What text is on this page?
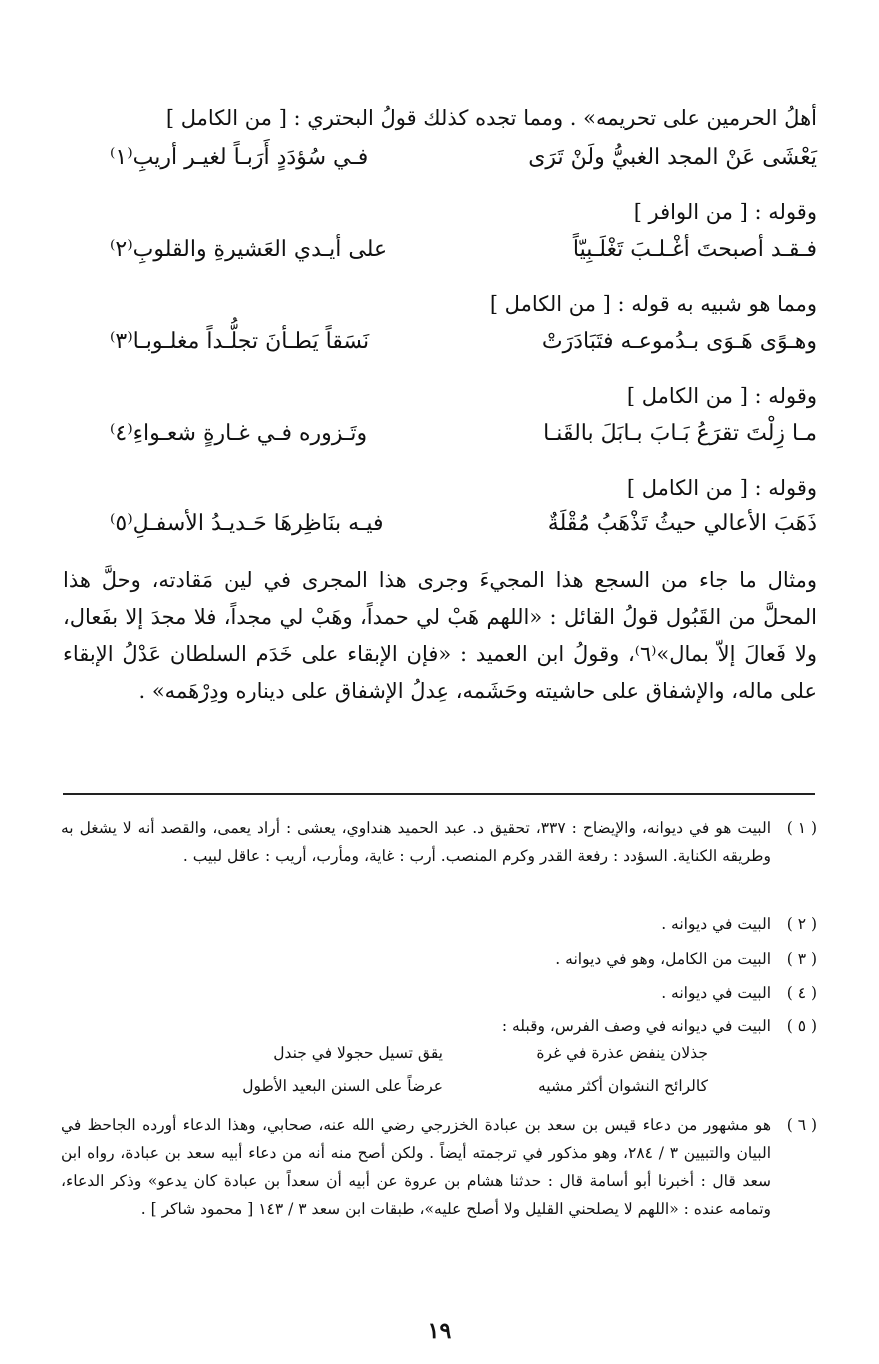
أهلُ الحرمين على تحريمه» . ومما تجده كذلك قولُ البحتري : [ من الكامل ]
يَعْشَى عَنْ المجد الغبيُّ ولَنْ تَرَى
فـي سُؤدَدٍ أَرَبـاً لغيـر أريبِ⁽١⁾
وقوله : [ من الوافر ]
فـقـد أصبحتَ أغْـلـبَ تَغْلَـبِيّاً
على أيـدي العَشيرةِ والقلوبِ⁽٢⁾
ومما هو شبيه به قوله : [ من الكامل ]
وهـوًى هَـوَى بـدُموعـه فتَبَادَرَتْ
نَسَقاً يَطـأنَ تجلُّـداً مغلـوبـا⁽٣⁾
وقوله : [ من الكامل ]
مـا زِلْتَ تقرَعُ بَـابَ بـابَلَ بالقَنـا
وتَـزوره فـي غـارةٍ شعـواءِ⁽٤⁾
وقوله : [ من الكامل ]
ذَهَبَ الأعالي حيثُ تَذْهَبُ مُقْلَةٌ
فيـه بنَاظِرهَا حَـديـدُ الأسفـلِ⁽٥⁾
ومثال ما جاء من السجع هذا المجيءَ وجرى هذا المجرى في لين مَقادته، وحلَّ هذا المحلَّ من القَبُول قولُ القائل : «اللهم هَبْ لي حمداً، وهَبْ لي مجداً، فلا مجدَ إلا بفَعال، ولا فَعالَ إلاّ بمال»⁽٦⁾، وقولُ ابن العميد : «فإن الإبقاء على خَدَم السلطان عَدْلُ الإبقاء على ماله، والإشفاق على حاشيته وحَشَمه، عِدلُ الإشفاق على ديناره ودِرْهَمه» .
( ١ )
البيت هو في ديوانه، والإيضاح : ٣٣٧، تحقيق د. عبد الحميد هنداوي، يعشى : أراد يعمى، والقصد أنه لا يشغل به وطريقه الكناية. السؤدد : رفعة القدر وكرم المنصب. أرب : غاية، ومأرب، أريب : عاقل لبيب .
( ٢ )
البيت في ديوانه .
( ٣ )
البيت من الكامل، وهو في ديوانه .
( ٤ )
البيت في ديوانه .
( ٥ )
البيت في ديوانه في وصف الفرس، وقبله :
جذلان ينفض عذرة في غرة
يقق تسيل حجولا في جندل
كالرائح النشوان أكثر مشيه
عرضاً على السنن البعيد الأطول
( ٦ )
هو مشهور من دعاء قيس بن سعد بن عبادة الخزرجي رضي الله عنه، صحابي، وهذا الدعاء أورده الجاحظ في البيان والتبيين ٣ / ٢٨٤، وهو مذكور في ترجمته أيضاً . ولكن أصح منه أنه من دعاء أبيه سعد بن عبادة، رواه ابن سعد قال : أخبرنا أبو أسامة قال : حدثنا هشام بن عروة عن أبيه أن سعداً بن عبادة كان يدعو» وذكر الدعاء، وتمامه عنده : «اللهم لا يصلحني القليل ولا أصلح عليه»، طبقات ابن سعد ٣ / ١٤٣ [ محمود شاكر ] .
١٩
